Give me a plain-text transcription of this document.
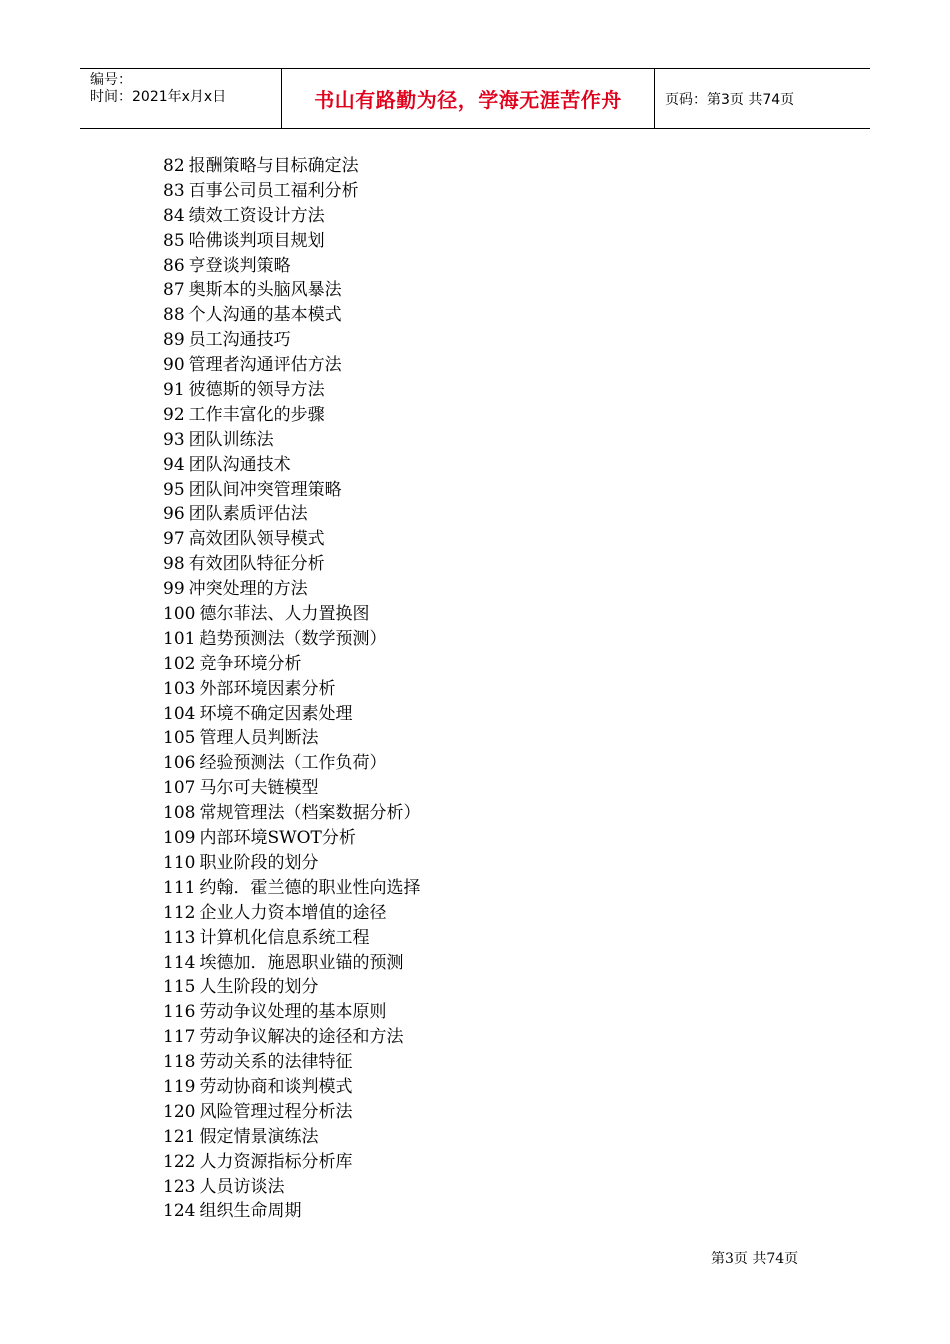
编号：
时间：2021年x月x日	书山有路勤为径，学海无涯苦作舟	页码：第3页 共74页
82 报酬策略与目标确定法
83 百事公司员工福利分析
84 绩效工资设计方法
85 哈佛谈判项目规划
86 亨登谈判策略
87 奥斯本的头脑风暴法
88 个人沟通的基本模式
89 员工沟通技巧
90 管理者沟通评估方法
91 彼德斯的领导方法
92 工作丰富化的步骤
93 团队训练法
94 团队沟通技术
95 团队间冲突管理策略
96 团队素质评估法
97 高效团队领导模式
98 有效团队特征分析
99 冲突处理的方法
100 德尔菲法、人力置换图
101 趋势预测法（数学预测）
102 竞争环境分析
103 外部环境因素分析
104 环境不确定因素处理
105 管理人员判断法
106 经验预测法（工作负荷）
107 马尔可夫链模型
108 常规管理法（档案数据分析）
109 内部环境SWOT分析
110 职业阶段的划分
111 约翰．霍兰德的职业性向选择
112 企业人力资本增值的途径
113 计算机化信息系统工程
114 埃德加．施恩职业锚的预测
115 人生阶段的划分
116 劳动争议处理的基本原则
117 劳动争议解决的途径和方法
118 劳动关系的法律特征
119 劳动协商和谈判模式
120 风险管理过程分析法
121 假定情景演练法
122 人力资源指标分析库
123 人员访谈法
124 组织生命周期
第3页 共74页
